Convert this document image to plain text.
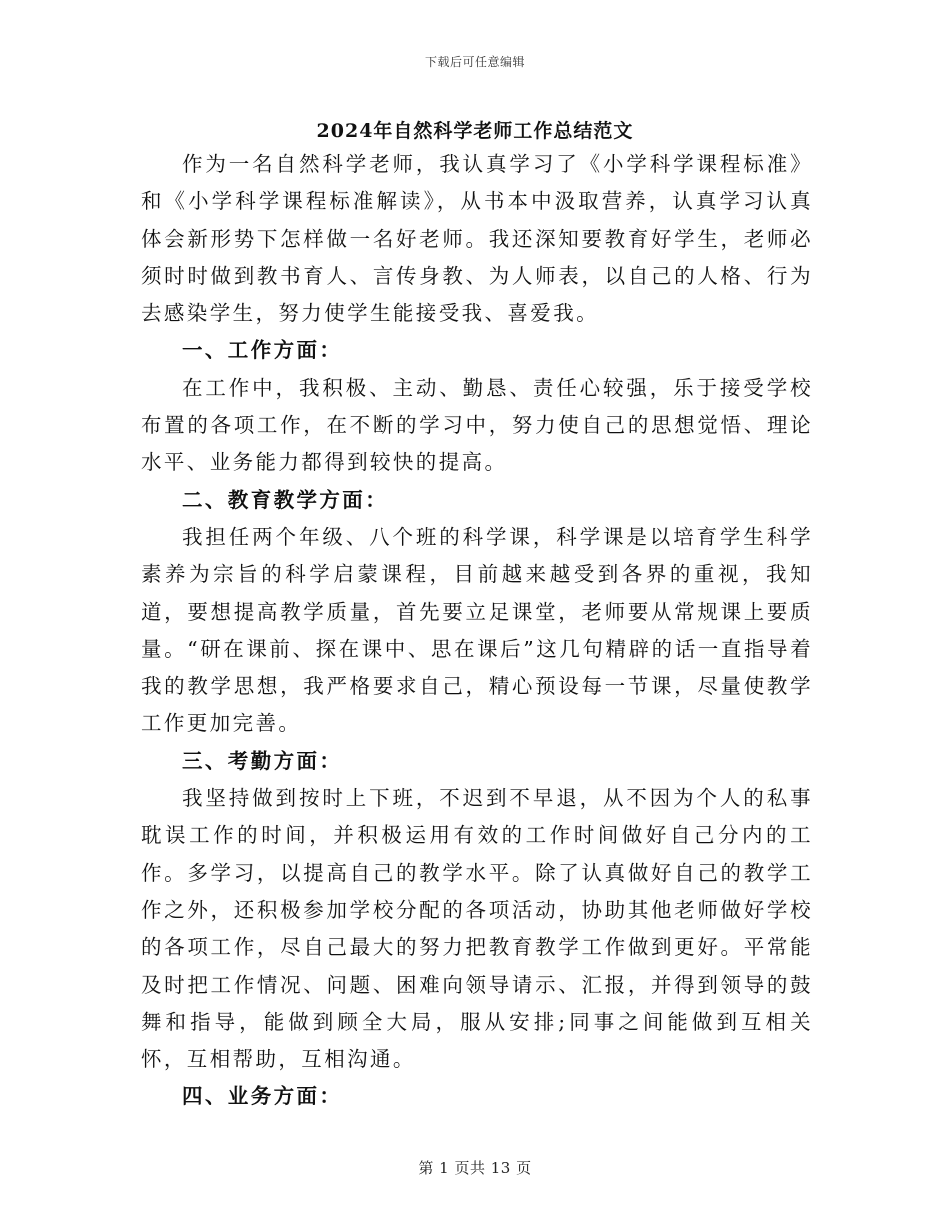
下载后可任意编辑
2024年自然科学老师工作总结范文

作为一名自然科学老师，我认真学习了《小学科学课程标准》和《小学科学课程标准解读》，从书本中汲取营养，认真学习认真体会新形势下怎样做一名好老师。我还深知要教育好学生，老师必须时时做到教书育人、言传身教、为人师表，以自己的人格、行为去感染学生，努力使学生能接受我、喜爱我。

一、工作方面：

在工作中，我积极、主动、勤恳、责任心较强，乐于接受学校布置的各项工作，在不断的学习中，努力使自己的思想觉悟、理论水平、业务能力都得到较快的提高。

二、教育教学方面：

我担任两个年级、八个班的科学课，科学课是以培育学生科学素养为宗旨的科学启蒙课程，目前越来越受到各界的重视，我知道，要想提高教学质量，首先要立足课堂，老师要从常规课上要质量。“研在课前、探在课中、思在课后”这几句精辟的话一直指导着我的教学思想，我严格要求自己，精心预设每一节课，尽量使教学工作更加完善。

三、考勤方面：

我坚持做到按时上下班，不迟到不早退，从不因为个人的私事耽误工作的时间，并积极运用有效的工作时间做好自己分内的工作。多学习，以提高自己的教学水平。除了认真做好自己的教学工作之外，还积极参加学校分配的各项活动，协助其他老师做好学校的各项工作，尽自己最大的努力把教育教学工作做到更好。平常能及时把工作情况、问题、困难向领导请示、汇报，并得到领导的鼓舞和指导，能做到顾全大局，服从安排;同事之间能做到互相关怀，互相帮助，互相沟通。

四、业务方面：
第 1 页共 13 页
